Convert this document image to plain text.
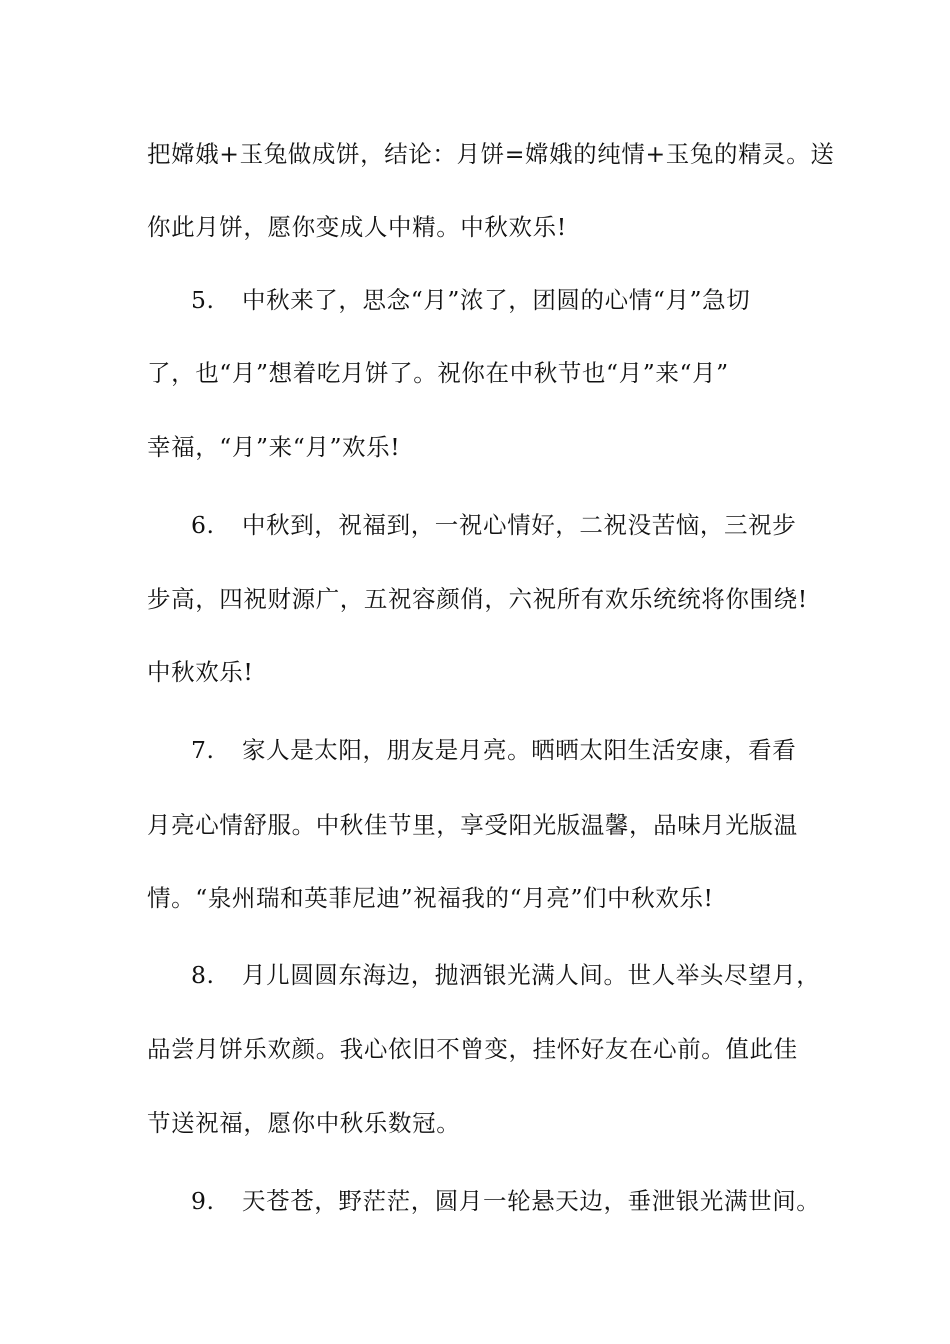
把嫦娥+玉兔做成饼，结论：月饼=嫦娥的纯情+玉兔的精灵。送
你此月饼，愿你变成人中精。中秋欢乐!
5. 中秋来了，思念“月”浓了，团圆的心情“月”急切
了，也“月”想着吃月饼了。祝你在中秋节也“月”来“月”
幸福，“月”来“月”欢乐!
6. 中秋到，祝福到，一祝心情好，二祝没苦恼，三祝步
步高，四祝财源广，五祝容颜俏，六祝所有欢乐统统将你围绕!
中秋欢乐!
7. 家人是太阳，朋友是月亮。晒晒太阳生活安康，看看
月亮心情舒服。中秋佳节里，享受阳光版温馨，品味月光版温
情。“泉州瑞和英菲尼迪”祝福我的“月亮”们中秋欢乐!
8. 月儿圆圆东海边，抛洒银光满人间。世人举头尽望月，
品尝月饼乐欢颜。我心依旧不曾变，挂怀好友在心前。值此佳
节送祝福，愿你中秋乐数冠。
9. 天苍苍，野茫茫，圆月一轮悬天边，垂泄银光满世间。
